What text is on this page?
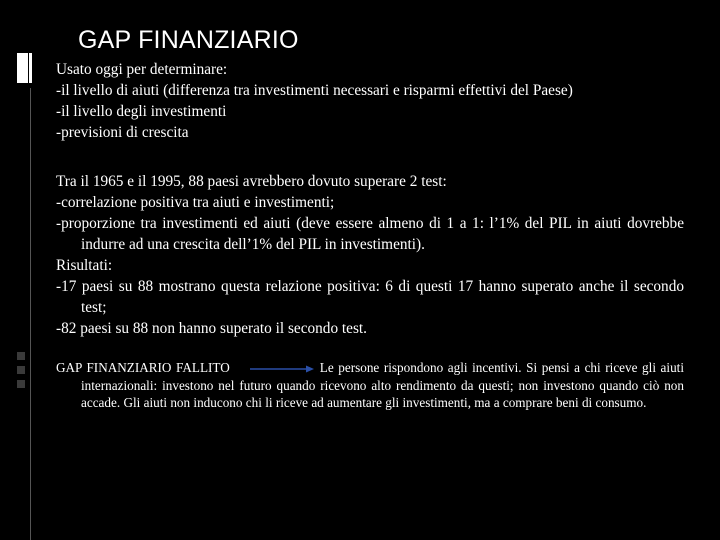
GAP FINANZIARIO

Usato oggi per determinare:

-il livello di aiuti (differenza tra investimenti necessari e risparmi effettivi del Paese)

-il livello degli investimenti

-previsioni di crescita

Tra il 1965 e il 1995, 88 paesi avrebbero dovuto superare 2 test:

-correlazione positiva tra aiuti e investimenti;

-proporzione tra investimenti ed aiuti (deve essere almeno di 1 a 1: l’1% del PIL in aiuti dovrebbe indurre ad una crescita dell’1% del PIL in investimenti).

Risultati:

-17 paesi su 88 mostrano questa relazione positiva: 6 di questi 17 hanno superato anche il secondo test;

-82 paesi su 88 non hanno superato il secondo test.

GAP FINANZIARIO FALLITO	Le persone rispondono agli incentivi. Si pensi a chi riceve gli aiuti internazionali: investono nel futuro quando ricevono alto rendimento da questi; non investono quando ciò non accade. Gli aiuti non inducono chi li riceve ad aumentare gli investimenti, ma a comprare beni di consumo.
